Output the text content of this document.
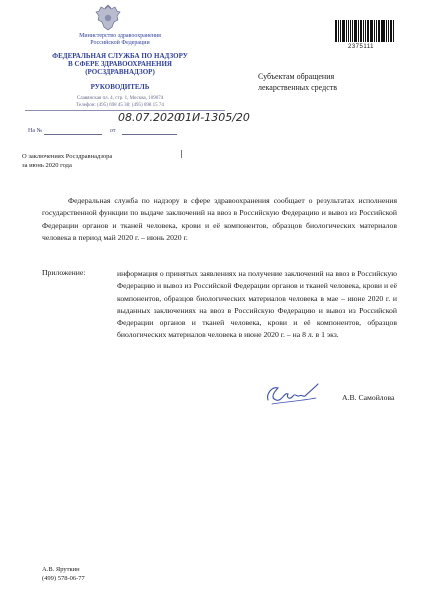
Министерство здравоохранения
Российской Федерации
ФЕДЕРАЛЬНАЯ СЛУЖБА ПО НАДЗОРУ
В СФЕРЕ ЗДРАВООХРАНЕНИЯ
(РОСЗДРАВНАДЗОР)
РУКОВОДИТЕЛЬ
Славянская пл. 4, стр. 1, Москва, 109074
Телефон: (495) 698 45 38; (495) 698 15 74
08.07.2020
01И-1305/20
На №	от
О заключениях Росздравнадзора
за июнь 2020 года
2375111
Субъектам обращения
лекарственных средств

Федеральная служба по надзору в сфере здравоохранения сообщает о результатах исполнения государственной функции по выдаче заключений на ввоз в Российскую Федерацию и вывоз из Российской Федерации органов и тканей человека, крови и её компонентов, образцов биологических материалов человека в период май 2020 г. – июнь 2020 г.

Приложение:	информация о принятых заявлениях на получение заключений на ввоз в Российскую Федерацию и вывоз из Российской Федерации органов и тканей человека, крови и её компонентов, образцов биологических материалов человека в мае – июне 2020 г. и выданных заключениях на ввоз в Российскую Федерацию и вывоз из Российской Федерации органов и тканей человека, крови и её компонентов, образцов биологических материалов человека в июне 2020 г. – на 8 л. в 1 экз.
А.В. Самойлова
А.В. Яруткин
(499) 578-06-77
